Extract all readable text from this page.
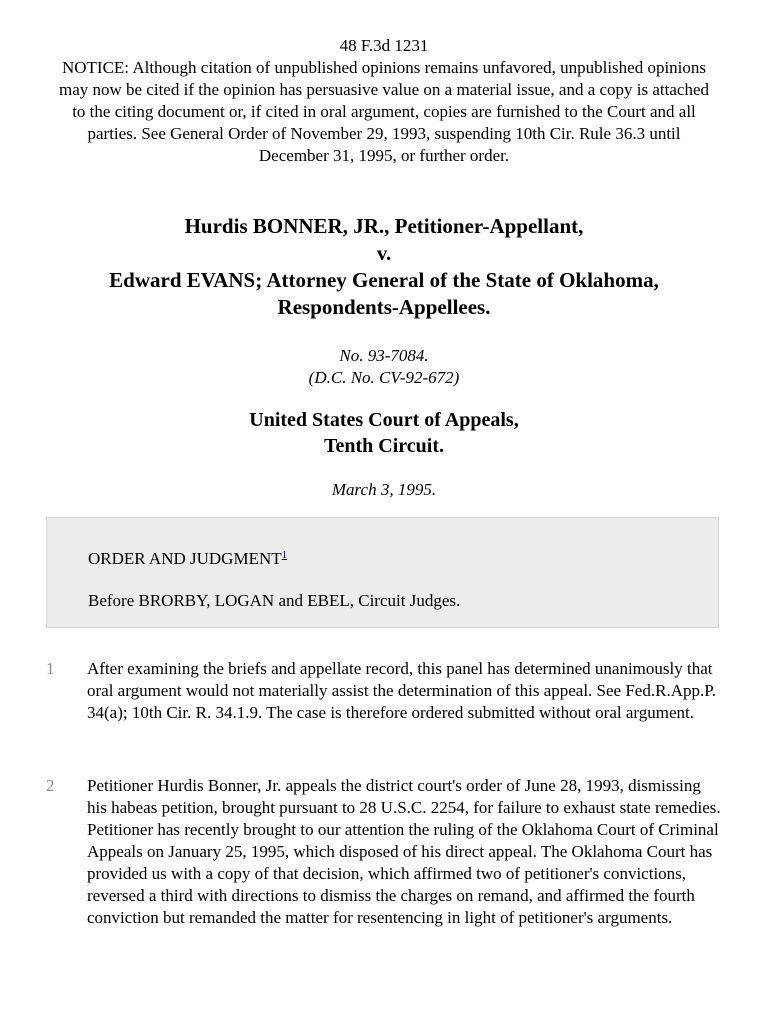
48 F.3d 1231
NOTICE: Although citation of unpublished opinions remains unfavored, unpublished opinions may now be cited if the opinion has persuasive value on a material issue, and a copy is attached to the citing document or, if cited in oral argument, copies are furnished to the Court and all parties. See General Order of November 29, 1993, suspending 10th Cir. Rule 36.3 until December 31, 1995, or further order.
Hurdis BONNER, JR., Petitioner-Appellant,
v.
Edward EVANS; Attorney General of the State of Oklahoma,
Respondents-Appellees.
No. 93-7084.
(D.C. No. CV-92-672)
United States Court of Appeals,
Tenth Circuit.
March 3, 1995.
ORDER AND JUDGMENT$^1$
Before BRORBY, LOGAN and EBEL, Circuit Judges.
1 After examining the briefs and appellate record, this panel has determined unanimously that oral argument would not materially assist the determination of this appeal. See Fed.R.App.P. 34(a); 10th Cir. R. 34.1.9. The case is therefore ordered submitted without oral argument.
2 Petitioner Hurdis Bonner, Jr. appeals the district court's order of June 28, 1993, dismissing his habeas petition, brought pursuant to 28 U.S.C. 2254, for failure to exhaust state remedies. Petitioner has recently brought to our attention the ruling of the Oklahoma Court of Criminal Appeals on January 25, 1995, which disposed of his direct appeal. The Oklahoma Court has provided us with a copy of that decision, which affirmed two of petitioner's convictions, reversed a third with directions to dismiss the charges on remand, and affirmed the fourth conviction but remanded the matter for resentencing in light of petitioner's arguments.
